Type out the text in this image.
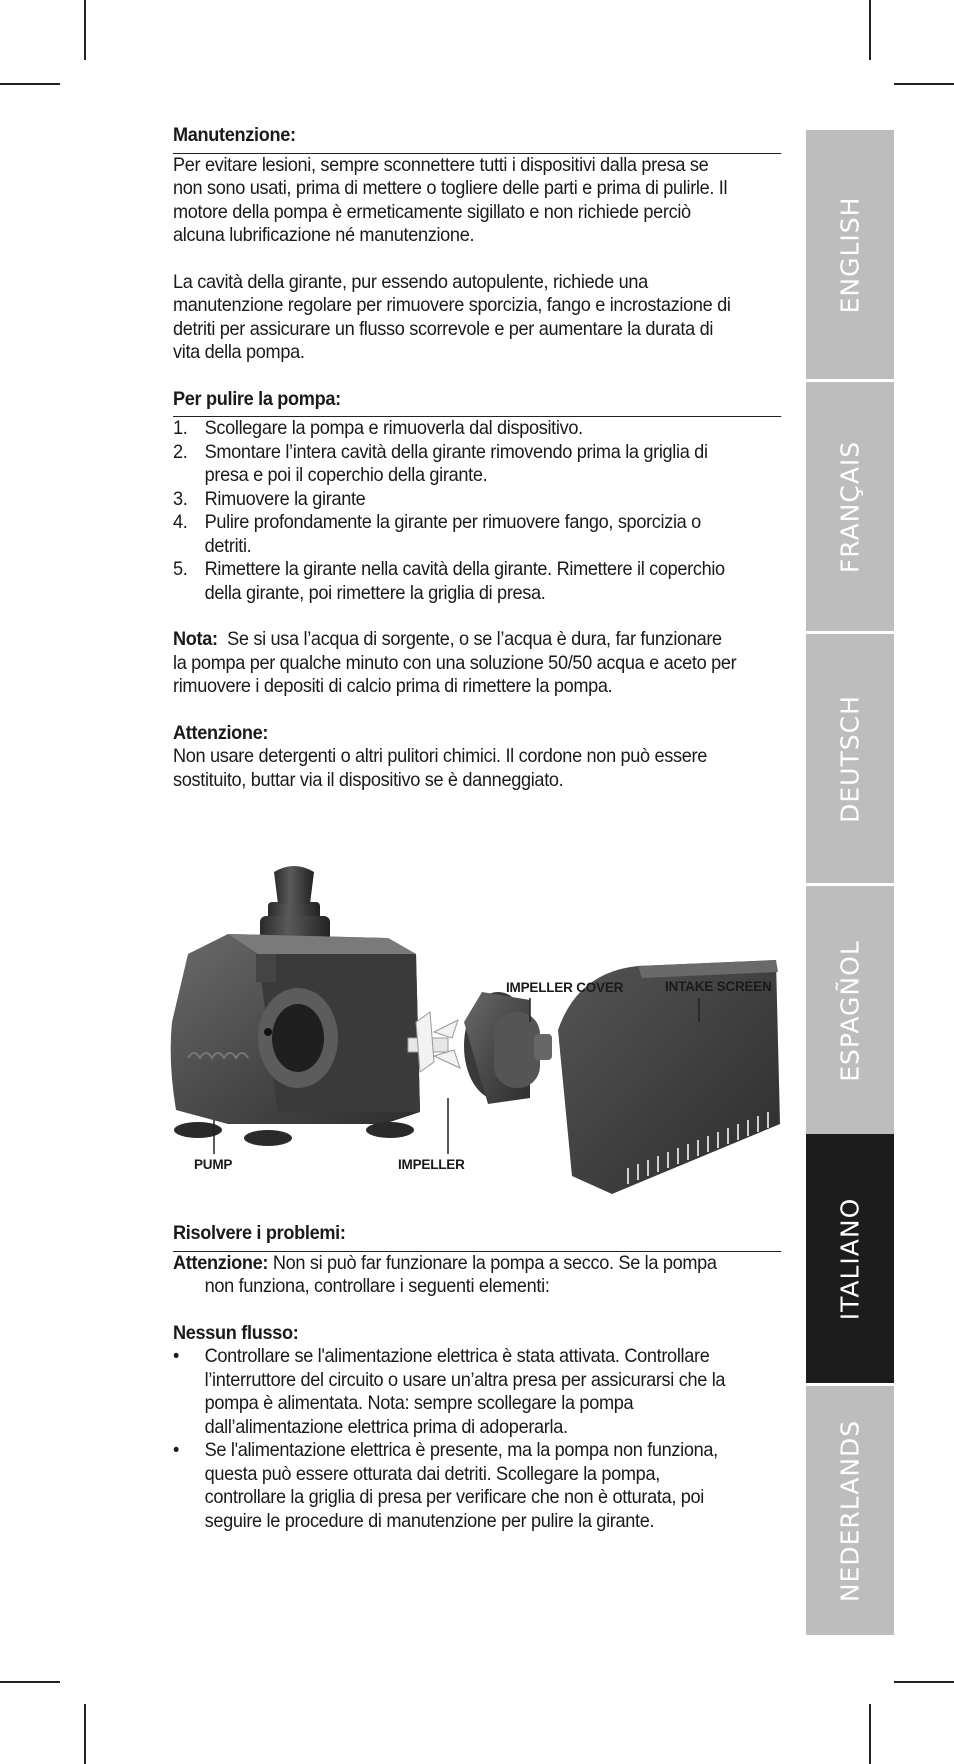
Manutenzione:

Per evitare lesioni, sempre sconnettere tutti i dispositivi dalla presa se non sono usati, prima di mettere o togliere delle parti e prima di pulirle. Il motore della pompa è ermeticamente sigillato e non richiede perciò alcuna lubrificazione né manutenzione.

La cavità della girante, pur essendo autopulente, richiede una manutenzione regolare per rimuovere sporcizia, fango e incrostazione di detriti per assicurare un flusso scorrevole e per aumentare la durata di vita della pompa.

Per pulire la pompa:

1. Scollegare la pompa e rimuoverla dal dispositivo.
2. Smontare l’intera cavità della girante rimovendo prima la griglia di presa e poi il coperchio della girante.
3. Rimuovere la girante
4. Pulire profondamente la girante per rimuovere fango, sporcizia o detriti.
5. Rimettere la girante nella cavità della girante. Rimettere il coperchio della girante, poi rimettere la griglia di presa.

Nota: Se si usa l’acqua di sorgente, o se l’acqua è dura, far funzionare la pompa per qualche minuto con una soluzione 50/50 acqua e aceto per rimuovere i depositi di calcio prima di rimettere la pompa.

Attenzione:

Non usare detergenti o altri pulitori chimici. Il cordone non può essere sostituito, buttar via il dispositivo se è danneggiato.

PUMP	IMPELLER
IMPELLER COVER	INTAKE SCREEN

Risolvere i problemi:

Attenzione: Non si può far funzionare la pompa a secco. Se la pompa non funziona, controllare i seguenti elementi:

Nessun flusso:

• Controllare se l'alimentazione elettrica è stata attivata. Controllare l’interruttore del circuito o usare un’altra presa per assicurarsi che la pompa è alimentata. Nota: sempre scollegare la pompa dall’alimentazione elettrica prima di adoperarla.
• Se l'alimentazione elettrica è presente, ma la pompa non funziona, questa può essere otturata dai detriti. Scollegare la pompa, controllare la griglia di presa per verificare che non è otturata, poi seguire le procedure di manutenzione per pulire la girante.
ENGLISH
FRANÇAIS
DEUTSCH
ESPAGÑOL
ITALIANO
NEDERLANDS
